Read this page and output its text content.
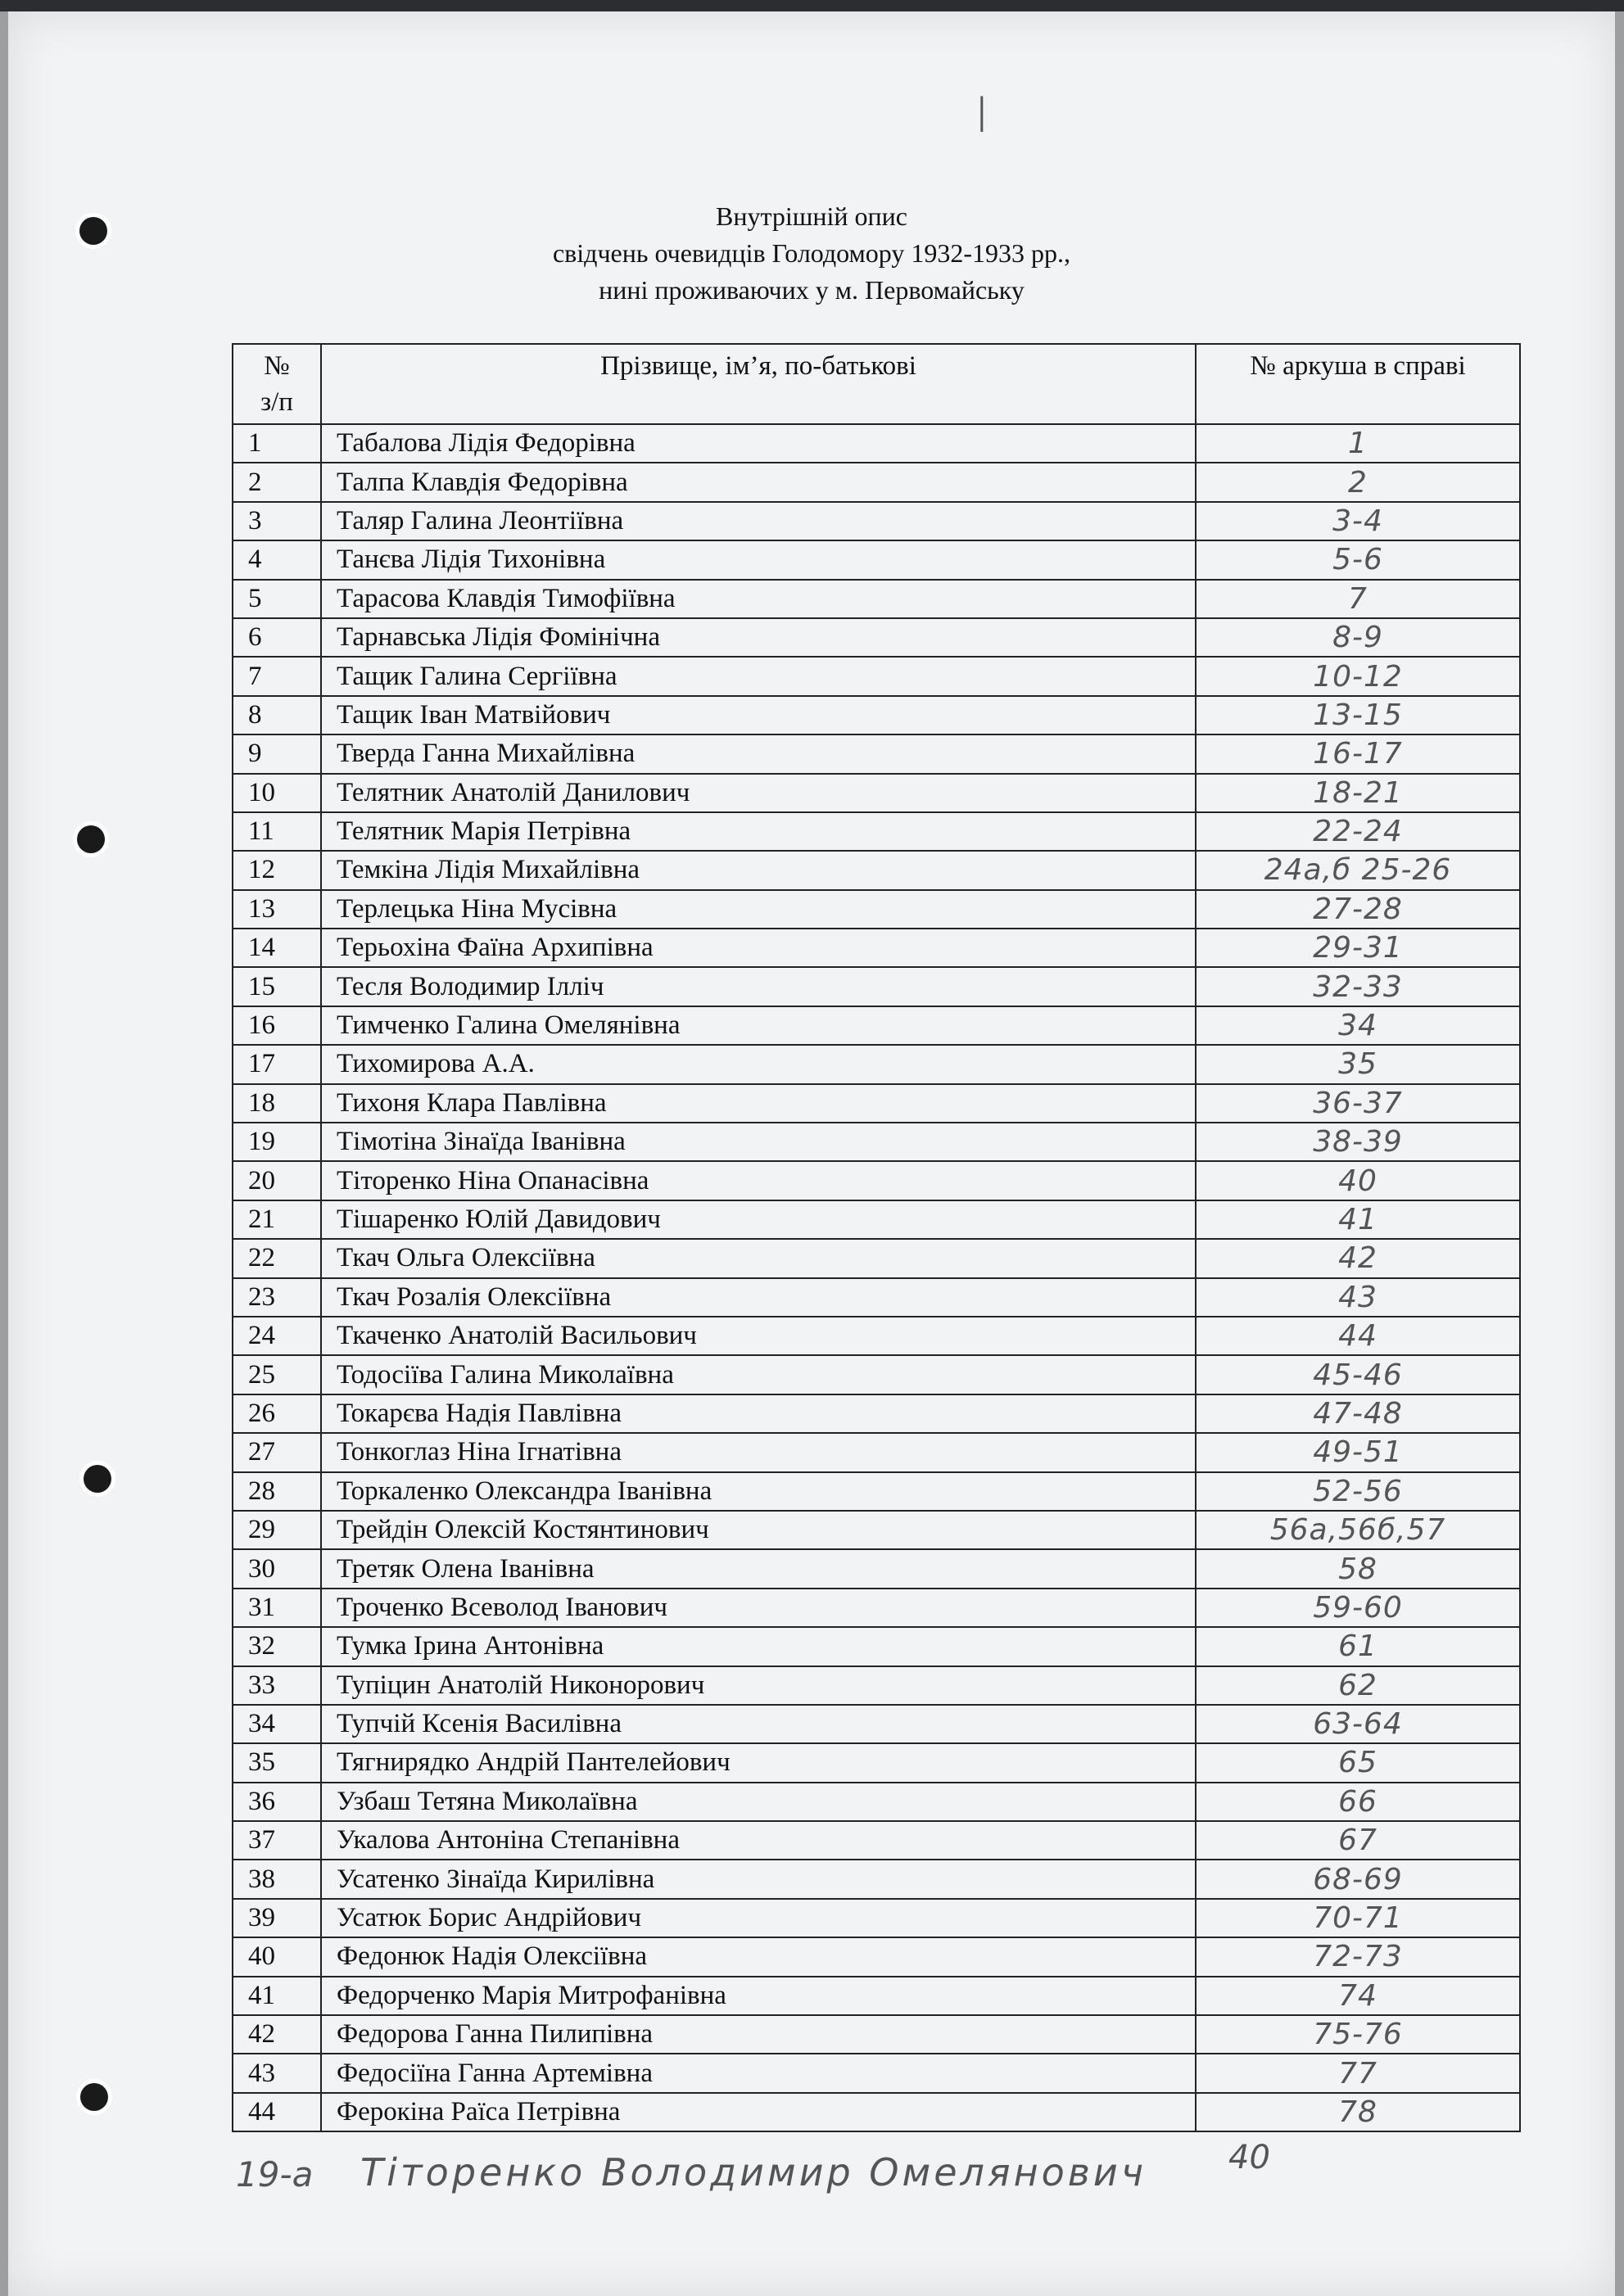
I
Внутрішній опис
свідчень очевидців Голодомору 1932-1933 рр.,
нині проживаючих у м. Первомайську
№
з/п	Прізвище, ім’я, по-батькові	№ аркуша в справі
1	Табалова Лідія Федорівна	1
2	Талпа Клавдія Федорівна	2
3	Таляр Галина Леонтіївна	3-4
4	Танєва Лідія Тихонівна	5-6
5	Тарасова Клавдія Тимофіївна	7
6	Тарнавська Лідія Фомінічна	8-9
7	Тащик Галина Сергіївна	10-12
8	Тащик Іван Матвійович	13-15
9	Тверда Ганна Михайлівна	16-17
10	Телятник Анатолій Данилович	18-21
11	Телятник Марія Петрівна	22-24
12	Темкіна Лідія Михайлівна	24а,б 25-26
13	Терлецька Ніна Мусівна	27-28
14	Терьохіна Фаїна Архипівна	29-31
15	Тесля Володимир Ілліч	32-33
16	Тимченко Галина Омелянівна	34
17	Тихомирова А.А.	35
18	Тихоня Клара Павлівна	36-37
19	Тімотіна Зінаїда Іванівна	38-39
20	Тіторенко Ніна Опанасівна	40
21	Тішаренко Юлій Давидович	41
22	Ткач Ольга Олексіївна	42
23	Ткач Розалія Олексіївна	43
24	Ткаченко Анатолій Васильович	44
25	Тодосіїва Галина Миколаївна	45-46
26	Токарєва Надія Павлівна	47-48
27	Тонкоглаз Ніна Ігнатівна	49-51
28	Торкаленко Олександра Іванівна	52-56
29	Трейдін Олексій Костянтинович	56а,56б,57
30	Третяк Олена Іванівна	58
31	Троченко Всеволод Іванович	59-60
32	Тумка Ірина Антонівна	61
33	Тупіцин Анатолій Никонорович	62
34	Тупчій Ксенія Василівна	63-64
35	Тягнирядко Андрій Пантелейович	65
36	Узбаш Тетяна Миколаївна	66
37	Укалова Антоніна Степанівна	67
38	Усатенко Зінаїда Кирилівна	68-69
39	Усатюк Борис Андрійович	70-71
40	Федонюк Надія Олексіївна	72-73
41	Федорченко Марія Митрофанівна	74
42	Федорова Ганна Пилипівна	75-76
43	Федосіїна Ганна Артемівна	77
44	Ферокіна Раїса Петрівна	78
19-а Тіторенко Володимир Омелянович	40
